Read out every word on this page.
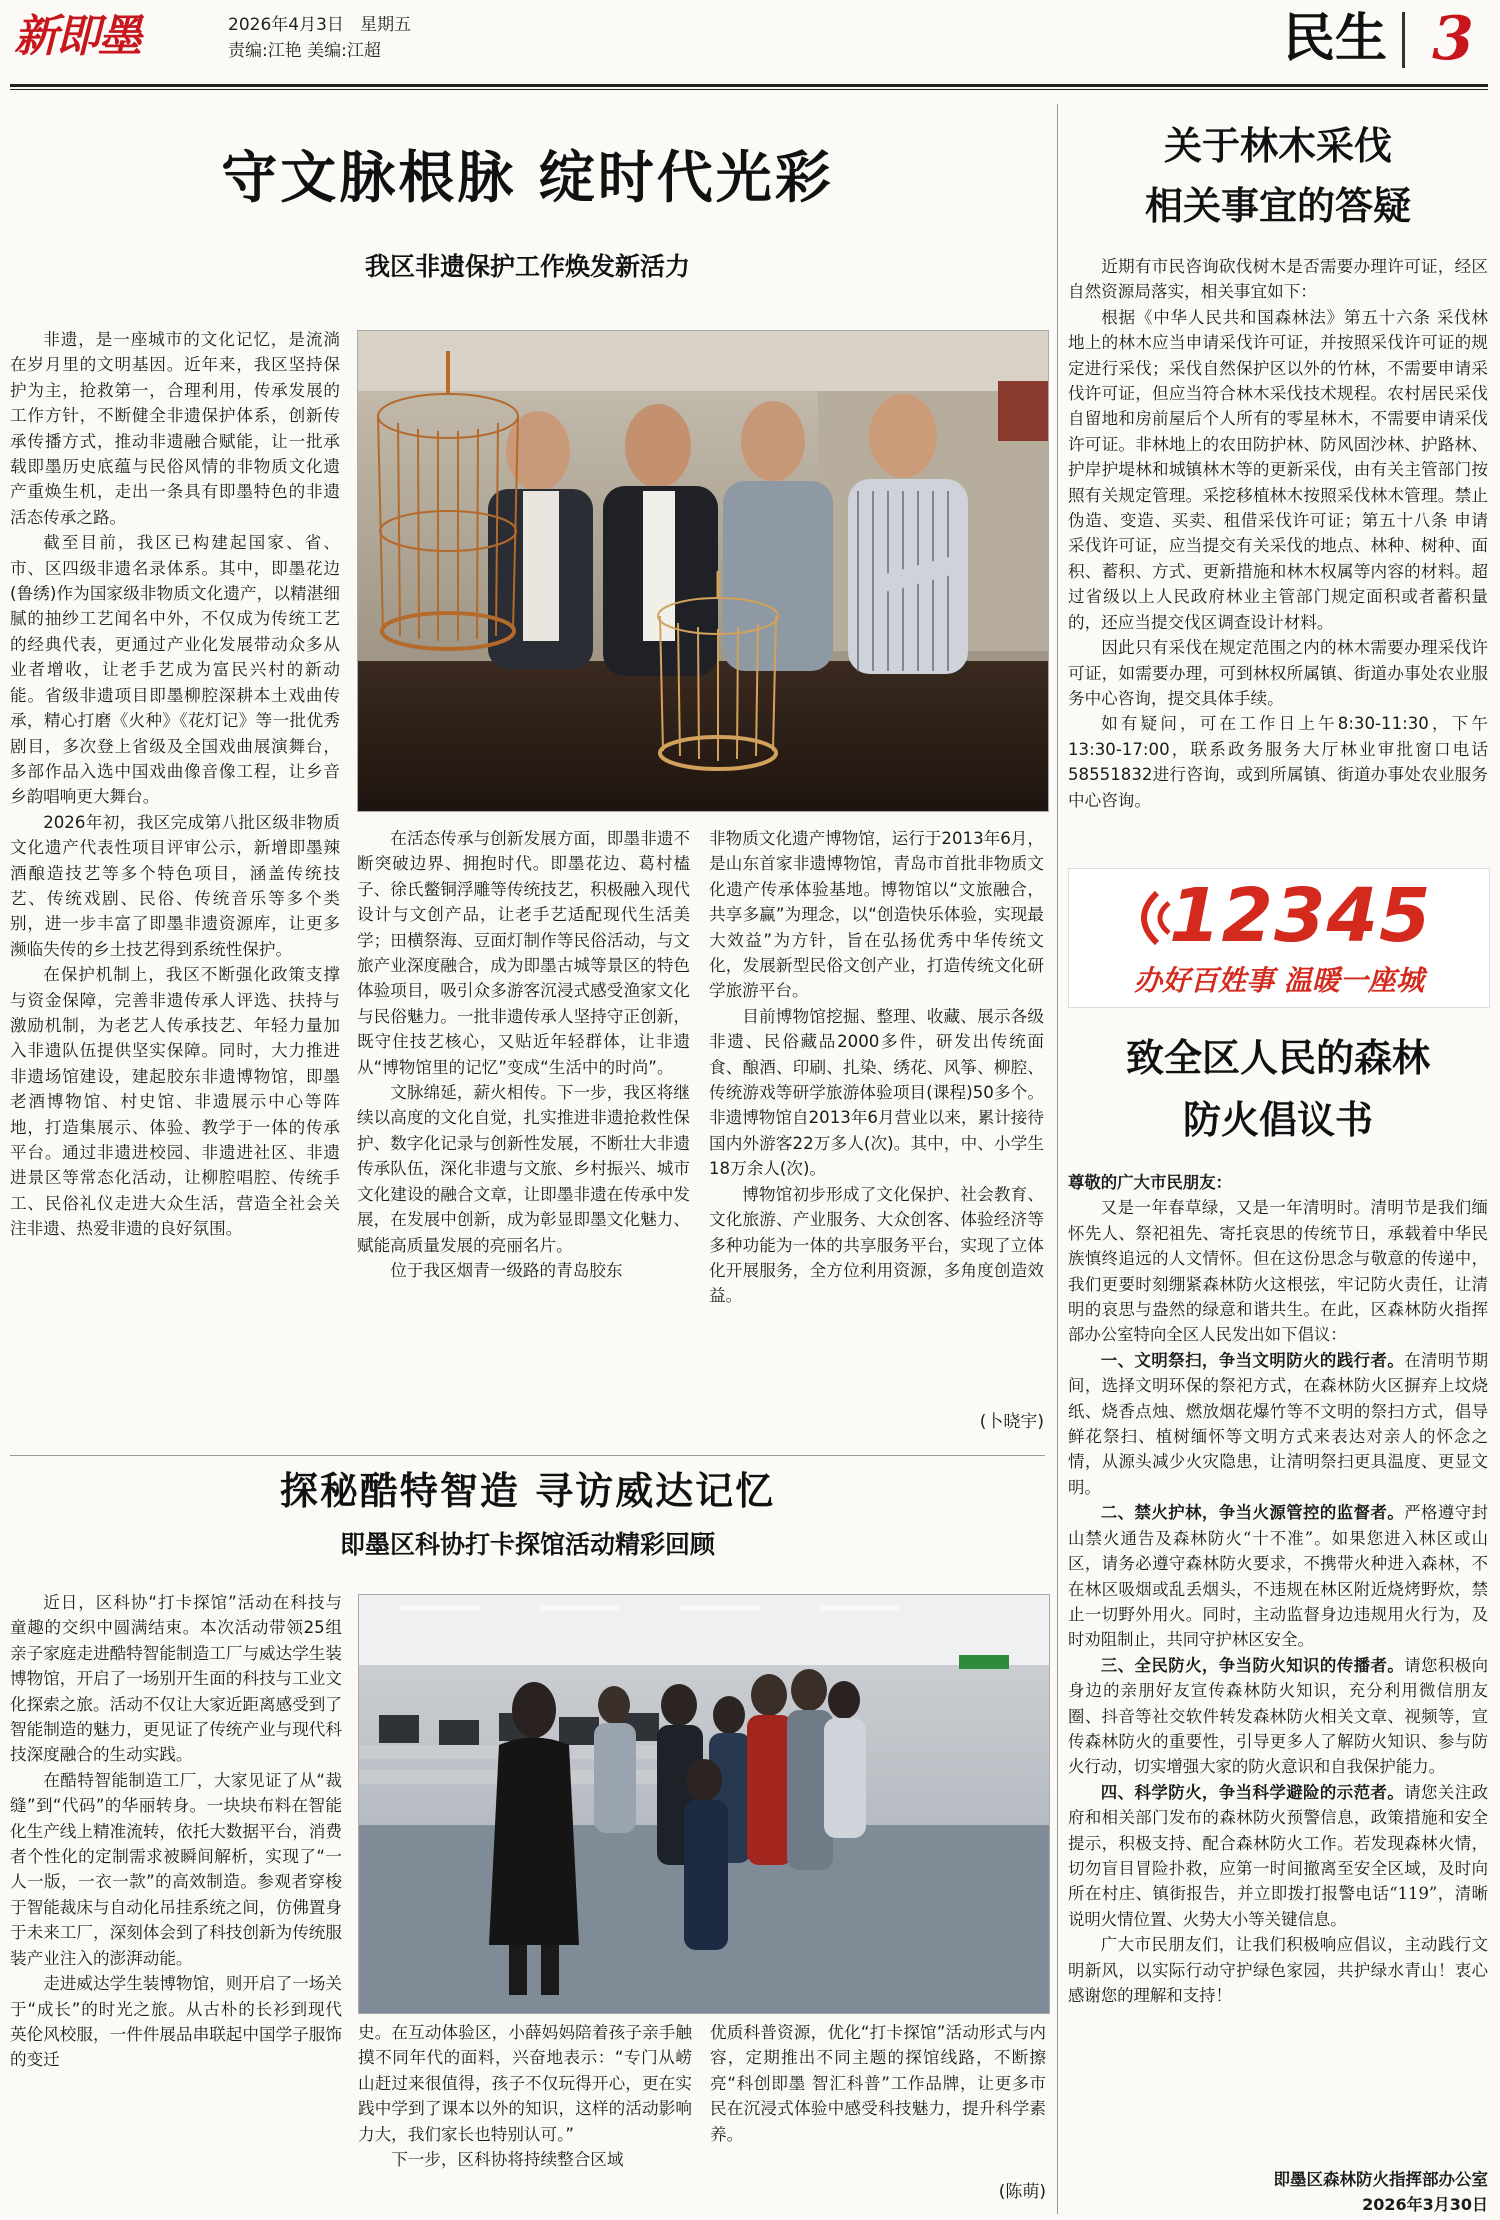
新即墨	2026年4月3日 星期五
责编:江艳 美编:江超	民生 3
守文脉根脉 绽时代光彩
我区非遗保护工作焕发新活力

非遗，是一座城市的文化记忆，是流淌在岁月里的文明基因。近年来，我区坚持保护为主，抢救第一，合理利用，传承发展的工作方针，不断健全非遗保护体系，创新传承传播方式，推动非遗融合赋能，让一批承载即墨历史底蕴与民俗风情的非物质文化遗产重焕生机，走出一条具有即墨特色的非遗活态传承之路。

截至目前，我区已构建起国家、省、市、区四级非遗名录体系。其中，即墨花边(鲁绣)作为国家级非物质文化遗产，以精湛细腻的抽纱工艺闻名中外，不仅成为传统工艺的经典代表，更通过产业化发展带动众多从业者增收，让老手艺成为富民兴村的新动能。省级非遗项目即墨柳腔深耕本土戏曲传承，精心打磨《火种》《花灯记》等一批优秀剧目，多次登上省级及全国戏曲展演舞台，多部作品入选中国戏曲像音像工程，让乡音乡韵唱响更大舞台。

2026年初，我区完成第八批区级非物质文化遗产代表性项目评审公示，新增即墨辣酒酿造技艺等多个特色项目，涵盖传统技艺、传统戏剧、民俗、传统音乐等多个类别，进一步丰富了即墨非遗资源库，让更多濒临失传的乡土技艺得到系统性保护。

在保护机制上，我区不断强化政策支撑与资金保障，完善非遗传承人评选、扶持与激励机制，为老艺人传承技艺、年轻力量加入非遗队伍提供坚实保障。同时，大力推进非遗场馆建设，建起胶东非遗博物馆，即墨老酒博物馆、村史馆、非遗展示中心等阵地，打造集展示、体验、教学于一体的传承平台。通过非遗进校园、非遗进社区、非遗进景区等常态化活动，让柳腔唱腔、传统手工、民俗礼仪走进大众生活，营造全社会关注非遗、热爱非遗的良好氛围。

在活态传承与创新发展方面，即墨非遗不断突破边界、拥抱时代。即墨花边、葛村榼子、徐氏鳖铜浮雕等传统技艺，积极融入现代设计与文创产品，让老手艺适配现代生活美学；田横祭海、豆面灯制作等民俗活动，与文旅产业深度融合，成为即墨古城等景区的特色体验项目，吸引众多游客沉浸式感受渔家文化与民俗魅力。一批非遗传承人坚持守正创新，既守住技艺核心，又贴近年轻群体，让非遗从“博物馆里的记忆”变成“生活中的时尚”。

文脉绵延，薪火相传。下一步，我区将继续以高度的文化自觉，扎实推进非遗抢救性保护、数字化记录与创新性发展，不断壮大非遗传承队伍，深化非遗与文旅、乡村振兴、城市文化建设的融合文章，让即墨非遗在传承中发展，在发展中创新，成为彰显即墨文化魅力、赋能高质量发展的亮丽名片。

位于我区烟青一级路的青岛胶东

非物质文化遗产博物馆，运行于2013年6月，是山东首家非遗博物馆，青岛市首批非物质文化遗产传承体验基地。博物馆以“文旅融合，共享多赢”为理念，以“创造快乐体验，实现最大效益”为方针，旨在弘扬优秀中华传统文化，发展新型民俗文创产业，打造传统文化研学旅游平台。

目前博物馆挖掘、整理、收藏、展示各级非遗、民俗藏品2000多件，研发出传统面食、酿酒、印刷、扎染、绣花、风筝、柳腔、传统游戏等研学旅游体验项目(课程)50多个。非遗博物馆自2013年6月营业以来，累计接待国内外游客22万多人(次)。其中，中、小学生18万余人(次)。

博物馆初步形成了文化保护、社会教育、文化旅游、产业服务、大众创客、体验经济等多种功能为一体的共享服务平台，实现了立体化开展服务，全方位利用资源，多角度创造效益。

(卜晓宇)
探秘酷特智造 寻访威达记忆
即墨区科协打卡探馆活动精彩回顾

近日，区科协“打卡探馆”活动在科技与童趣的交织中圆满结束。本次活动带领25组亲子家庭走进酷特智能制造工厂与威达学生装博物馆，开启了一场别开生面的科技与工业文化探索之旅。活动不仅让大家近距离感受到了智能制造的魅力，更见证了传统产业与现代科技深度融合的生动实践。

在酷特智能制造工厂，大家见证了从“裁缝”到“代码”的华丽转身。一块块布料在智能化生产线上精准流转，依托大数据平台，消费者个性化的定制需求被瞬间解析，实现了“一人一版，一衣一款”的高效制造。参观者穿梭于智能裁床与自动化吊挂系统之间，仿佛置身于未来工厂，深刻体会到了科技创新为传统服装产业注入的澎湃动能。

走进威达学生装博物馆，则开启了一场关于“成长”的时光之旅。从古朴的长衫到现代英伦风校服，一件件展品串联起中国学子服饰的变迁

史。在互动体验区，小薛妈妈陪着孩子亲手触摸不同年代的面料，兴奋地表示：“专门从崂山赶过来很值得，孩子不仅玩得开心，更在实践中学到了课本以外的知识，这样的活动影响力大，我们家长也特别认可。”

下一步，区科协将持续整合区域

优质科普资源，优化“打卡探馆”活动形式与内容，定期推出不同主题的探馆线路，不断擦亮“科创即墨 智汇科普”工作品牌，让更多市民在沉浸式体验中感受科技魅力，提升科学素养。

(陈萌)
关于林木采伐
相关事宜的答疑

近期有市民咨询砍伐树木是否需要办理许可证，经区自然资源局落实，相关事宜如下：

根据《中华人民共和国森林法》第五十六条 采伐林地上的林木应当申请采伐许可证，并按照采伐许可证的规定进行采伐；采伐自然保护区以外的竹林，不需要申请采伐许可证，但应当符合林木采伐技术规程。农村居民采伐自留地和房前屋后个人所有的零星林木，不需要申请采伐许可证。非林地上的农田防护林、防风固沙林、护路林、护岸护堤林和城镇林木等的更新采伐，由有关主管部门按照有关规定管理。采挖移植林木按照采伐林木管理。禁止伪造、变造、买卖、租借采伐许可证；第五十八条 申请采伐许可证，应当提交有关采伐的地点、林种、树种、面积、蓄积、方式、更新措施和林木权属等内容的材料。超过省级以上人民政府林业主管部门规定面积或者蓄积量的，还应当提交伐区调查设计材料。

因此只有采伐在规定范围之内的林木需要办理采伐许可证，如需要办理，可到林权所属镇、街道办事处农业服务中心咨询，提交具体手续。

如有疑问，可在工作日上午8:30-11:30，下午13:30-17:00，联系政务服务大厅林业审批窗口电话58551832进行咨询，或到所属镇、街道办事处农业服务中心咨询。

12345
办好百姓事 温暖一座城
致全区人民的森林
防火倡议书
尊敬的广大市民朋友：

又是一年春草绿，又是一年清明时。清明节是我们缅怀先人、祭祀祖先、寄托哀思的传统节日，承载着中华民族慎终追远的人文情怀。但在这份思念与敬意的传递中，我们更要时刻绷紧森林防火这根弦，牢记防火责任，让清明的哀思与盎然的绿意和谐共生。在此，区森林防火指挥部办公室特向全区人民发出如下倡议：

一、文明祭扫，争当文明防火的践行者。在清明节期间，选择文明环保的祭祀方式，在森林防火区摒弃上坟烧纸、烧香点烛、燃放烟花爆竹等不文明的祭扫方式，倡导鲜花祭扫、植树缅怀等文明方式来表达对亲人的怀念之情，从源头减少火灾隐患，让清明祭扫更具温度、更显文明。

二、禁火护林，争当火源管控的监督者。严格遵守封山禁火通告及森林防火“十不准”。如果您进入林区或山区，请务必遵守森林防火要求，不携带火种进入森林，不在林区吸烟或乱丢烟头，不违规在林区附近烧烤野炊，禁止一切野外用火。同时，主动监督身边违规用火行为，及时劝阻制止，共同守护林区安全。

三、全民防火，争当防火知识的传播者。请您积极向身边的亲朋好友宣传森林防火知识，充分利用微信朋友圈、抖音等社交软件转发森林防火相关文章、视频等，宣传森林防火的重要性，引导更多人了解防火知识、参与防火行动，切实增强大家的防火意识和自我保护能力。

四、科学防火，争当科学避险的示范者。请您关注政府和相关部门发布的森林防火预警信息，政策措施和安全提示，积极支持、配合森林防火工作。若发现森林火情，切勿盲目冒险扑救，应第一时间撤离至安全区域，及时向所在村庄、镇街报告，并立即拨打报警电话“119”，清晰说明火情位置、火势大小等关键信息。

广大市民朋友们，让我们积极响应倡议，主动践行文明新风，以实际行动守护绿色家园，共护绿水青山！衷心感谢您的理解和支持！

即墨区森林防火指挥部办公室
2026年3月30日
